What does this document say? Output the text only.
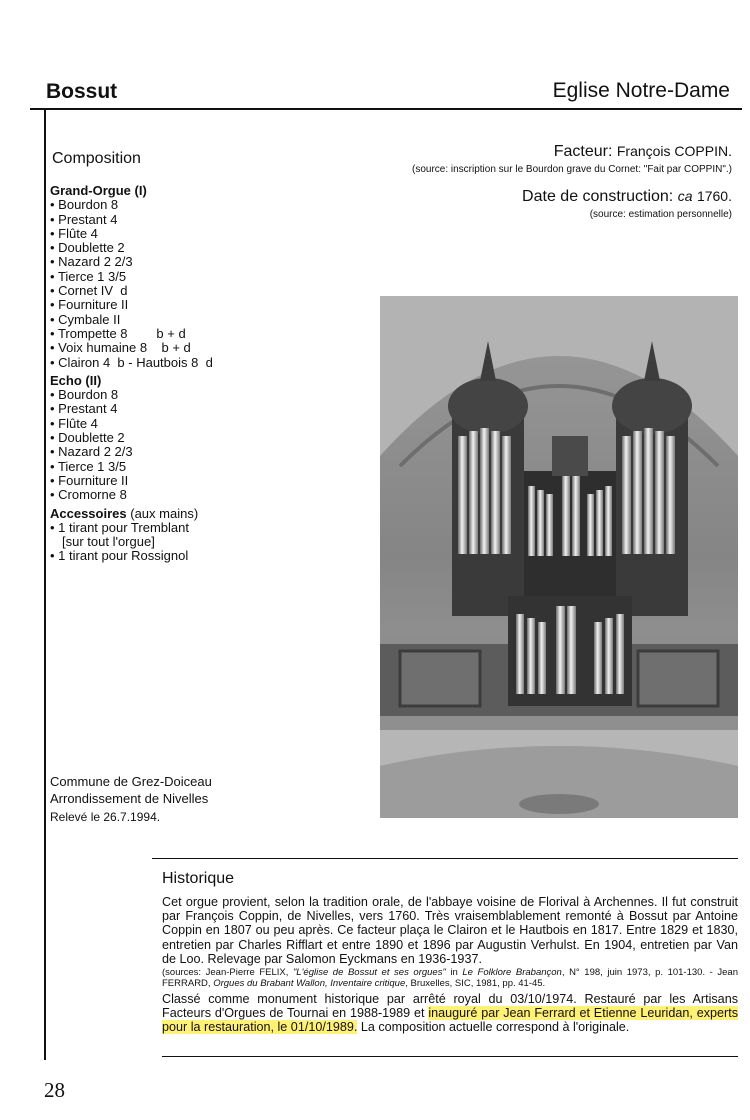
Bossut	Eglise Notre-Dame
Composition
Grand-Orgue (I)
• Bourdon 8
• Prestant 4
• Flûte 4
• Doublette 2
• Nazard 2 2/3
• Tierce 1 3/5
• Cornet IV  d
• Fourniture II
• Cymbale II
• Trompette 8        b + d
• Voix humaine 8    b + d
• Clairon 4  b - Hautbois 8  d
Echo (II)
• Bourdon 8
• Prestant 4
• Flûte 4
• Doublette 2
• Nazard 2 2/3
• Tierce 1 3/5
• Fourniture II
• Cromorne 8
Accessoires (aux mains)
• 1 tirant pour Tremblant
[sur tout l'orgue]
• 1 tirant pour Rossignol
Facteur: François COPPIN.
(source: inscription sur le Bourdon grave du Cornet: "Fait par COPPIN".)
Date de construction: ca 1760.
(source: estimation personnelle)
Commune de Grez-Doiceau
Arrondissement de Nivelles
Relevé le 26.7.1994.
Historique

Cet orgue provient, selon la tradition orale, de l'abbaye voisine de Florival à Archennes. Il fut construit par François Coppin, de Nivelles, vers 1760. Très vraisemblablement remonté à Bossut par Antoine Coppin en 1807 ou peu après. Ce facteur plaça le Clairon et le Hautbois en 1817. Entre 1829 et 1830, entretien par Charles Rifflart et entre 1890 et 1896 par Augustin Verhulst. En 1904, entretien par Van de Loo. Relevage par Salomon Eyckmans en 1936-1937.
(sources: Jean-Pierre FELIX, "L'église de Bossut et ses orgues" in Le Folklore Brabançon, N° 198, juin 1973, p. 101-130. - Jean FERRARD, Orgues du Brabant Wallon, Inventaire critique, Bruxelles, SIC, 1981, pp. 41-45.

Classé comme monument historique par arrêté royal du 03/10/1974. Restauré par les Artisans Facteurs d'Orgues de Tournai en 1988-1989 et inauguré par Jean Ferrard et Etienne Leuridan, experts pour la restauration, le 01/10/1989. La composition actuelle correspond à l'originale.

28
